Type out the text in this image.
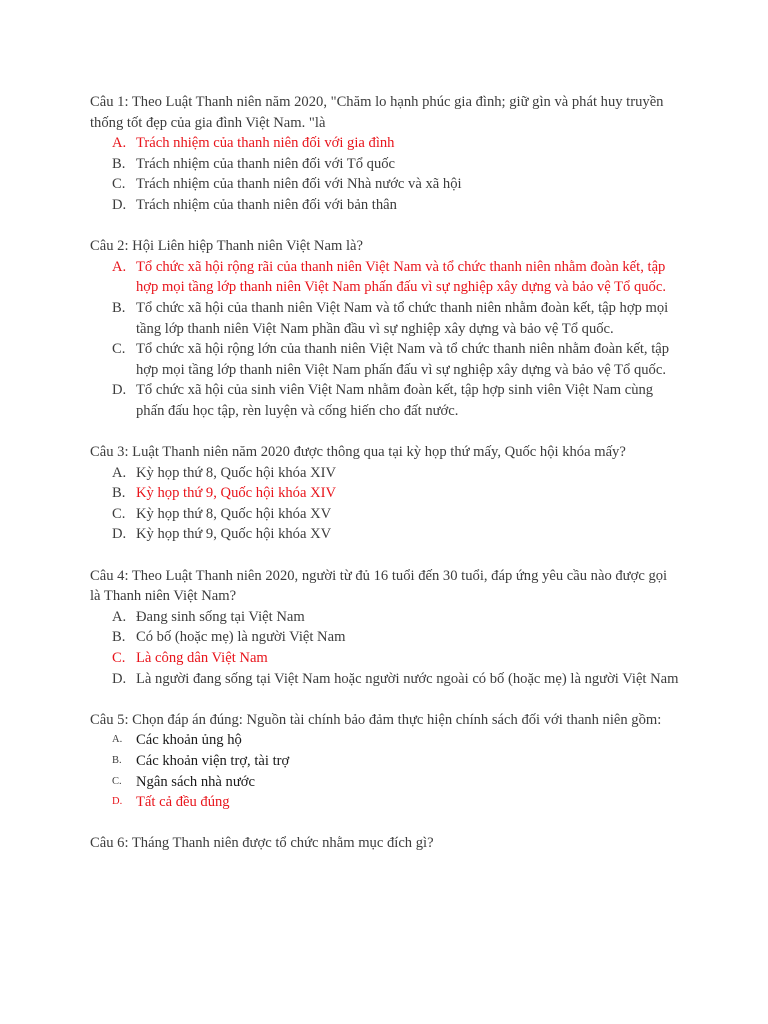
Câu 1: Theo Luật Thanh niên năm 2020, "Chăm lo hạnh phúc gia đình; giữ gìn và phát huy truyền thống tốt đẹp của gia đình Việt Nam. "là

A. Trách nhiệm của thanh niên đối với gia đình
B. Trách nhiệm của thanh niên đối với Tổ quốc
C. Trách nhiệm của thanh niên đối với Nhà nước và xã hội
D. Trách nhiệm của thanh niên đối với bản thân

Câu 2: Hội Liên hiệp Thanh niên Việt Nam là?

A. Tổ chức xã hội rộng rãi của thanh niên Việt Nam và tổ chức thanh niên nhằm đoàn kết, tập hợp mọi tầng lớp thanh niên Việt Nam phấn đấu vì sự nghiệp xây dựng và bảo vệ Tổ quốc.
B. Tổ chức xã hội của thanh niên Việt Nam và tổ chức thanh niên nhằm đoàn kết, tập hợp mọi tầng lớp thanh niên Việt Nam phần đầu vì sự nghiệp xây dựng và bảo vệ Tổ quốc.
C. Tổ chức xã hội rộng lớn của thanh niên Việt Nam và tổ chức thanh niên nhằm đoàn kết, tập hợp mọi tầng lớp thanh niên Việt Nam phấn đấu vì sự nghiệp xây dựng và bảo vệ Tổ quốc.
D. Tổ chức xã hội của sinh viên Việt Nam nhằm đoàn kết, tập hợp sinh viên Việt Nam cùng phấn đấu học tập, rèn luyện và cống hiến cho đất nước.

Câu 3: Luật Thanh niên năm 2020 được thông qua tại kỳ họp thứ mấy, Quốc hội khóa mấy?

A. Kỳ họp thứ 8, Quốc hội khóa XIV
B. Kỳ họp thứ 9, Quốc hội khóa XIV
C. Kỳ họp thứ 8, Quốc hội khóa XV
D. Kỳ họp thứ 9, Quốc hội khóa XV

Câu 4: Theo Luật Thanh niên 2020, người từ đủ 16 tuổi đến 30 tuổi, đáp ứng yêu cầu nào được gọi là Thanh niên Việt Nam?

A. Đang sinh sống tại Việt Nam
B. Có bố (hoặc mẹ) là người Việt Nam
C. Là công dân Việt Nam
D. Là người đang sống tại Việt Nam hoặc người nước ngoài có bố (hoặc mẹ) là người Việt Nam

Câu 5: Chọn đáp án đúng: Nguồn tài chính bảo đảm thực hiện chính sách đối với thanh niên gồm:

A. Các khoản ủng hộ
B. Các khoản viện trợ, tài trợ
C. Ngân sách nhà nước
D. Tất cả đều đúng

Câu 6: Tháng Thanh niên được tổ chức nhằm mục đích gì?
